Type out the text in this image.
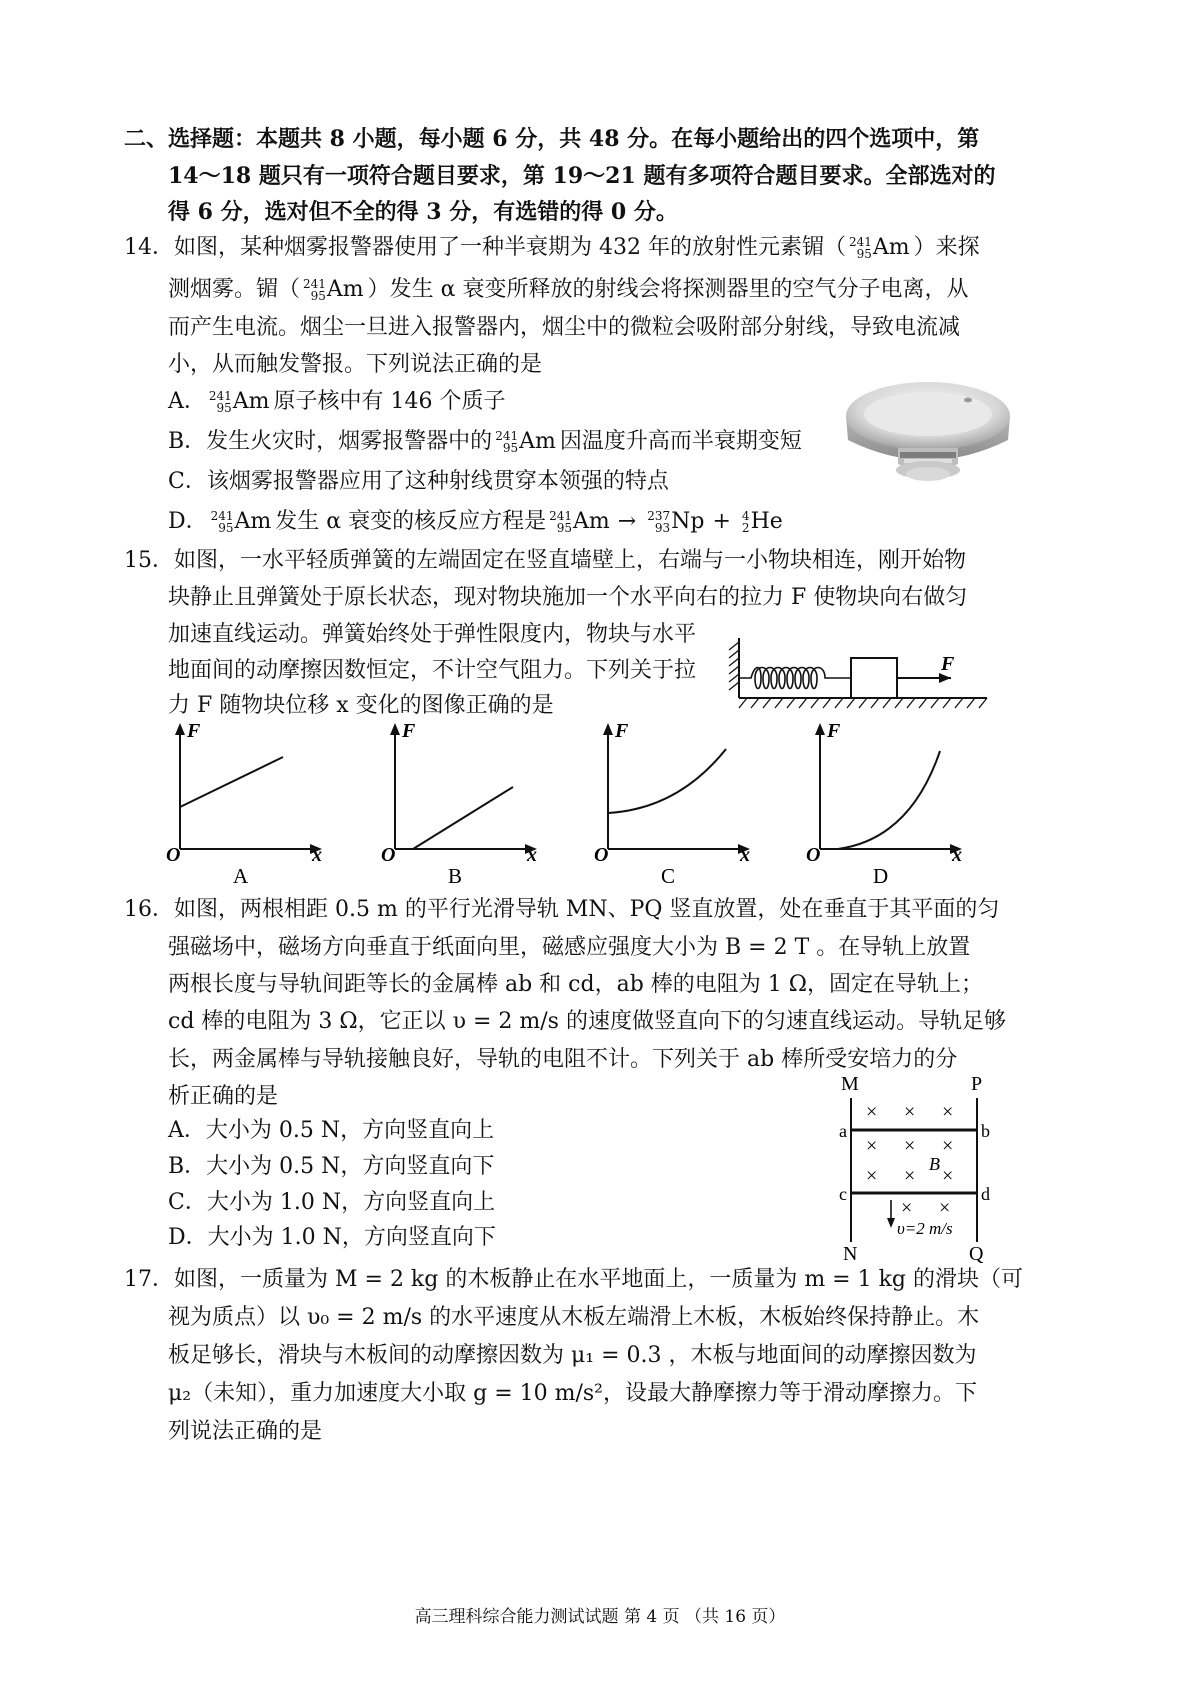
二、选择题：本题共 8 小题，每小题 6 分，共 48 分。在每小题给出的四个选项中，第
14～18 题只有一项符合题目要求，第 19～21 题有多项符合题目要求。全部选对的
得 6 分，选对但不全的得 3 分，有选错的得 0 分。
14．如图，某种烟雾报警器使用了一种半衰期为 432 年的放射性元素镅（ 241
95 Am ）来探
测烟雾。镅（ 241
95 Am ）发生 α 衰变所释放的射线会将探测器里的空气分子电离，从
而产生电流。烟尘一旦进入报警器内，烟尘中的微粒会吸附部分射线，导致电流减
小，从而触发警报。下列说法正确的是
A． 241
95 Am 原子核中有 146 个质子
B．发生火灾时，烟雾报警器中的 241
95 Am 因温度升高而半衰期变短
C．该烟雾报警器应用了这种射线贯穿本领强的特点
D． 241
95 Am 发生 α 衰变的核反应方程是 241
95 Am → 237
93 Np + 4
2 He
15．如图，一水平轻质弹簧的左端固定在竖直墙壁上，右端与一小物块相连，刚开始物
块静止且弹簧处于原长状态，现对物块施加一个水平向右的拉力 F 使物块向右做匀
加速直线运动。弹簧始终处于弹性限度内，物块与水平
地面间的动摩擦因数恒定，不计空气阻力。下列关于拉
力 F 随物块位移 x 变化的图像正确的是
F
F
O	x
A
F
O	x
B
F
O	x
C
F
O	x
D
16．如图，两根相距 0.5 m 的平行光滑导轨 MN、PQ 竖直放置，处在垂直于其平面的匀
强磁场中，磁场方向垂直于纸面向里，磁感应强度大小为 B = 2 T 。在导轨上放置
两根长度与导轨间距等长的金属棒 ab 和 cd，ab 棒的电阻为 1 Ω，固定在导轨上；
cd 棒的电阻为 3 Ω，它正以 υ = 2 m/s 的速度做竖直向下的匀速直线运动。导轨足够
长，两金属棒与导轨接触良好，导轨的电阻不计。下列关于 ab 棒所受安培力的分
析正确的是
A．大小为 0.5 N，方向竖直向上
B．大小为 0.5 N，方向竖直向下
C．大小为 1.0 N，方向竖直向上
D．大小为 1.0 N，方向竖直向下
M	P
a	b
c	d
× × ×
× × ×
× × ×
× ×
B
υ=2 m/s
N	Q
17．如图，一质量为 M = 2 kg 的木板静止在水平地面上，一质量为 m = 1 kg 的滑块（可
视为质点）以 υ₀ = 2 m/s 的水平速度从木板左端滑上木板，木板始终保持静止。木
板足够长，滑块与木板间的动摩擦因数为 μ₁ = 0.3 ，木板与地面间的动摩擦因数为
μ₂（未知），重力加速度大小取 g = 10 m/s²，设最大静摩擦力等于滑动摩擦力。下
列说法正确的是
高三理科综合能力测试试题 第 4 页 （共 16 页）
